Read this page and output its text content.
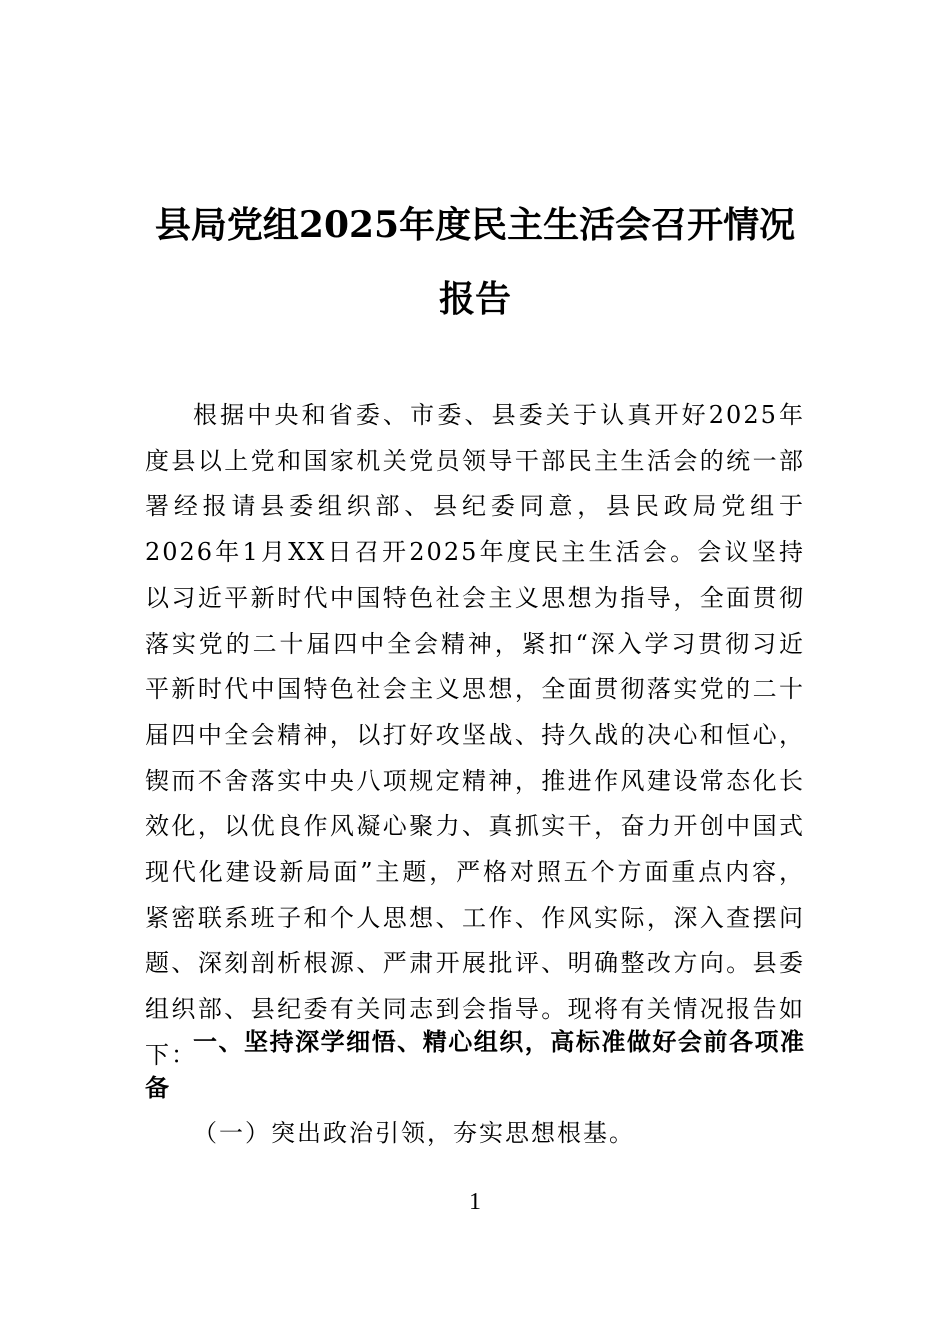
县局党组2025年度民主生活会召开情况报告

根据中央和省委、市委、县委关于认真开好2025年度县以上党和国家机关党员领导干部民主生活会的统一部署经报请县委组织部、县纪委同意，县民政局党组于2026年1月XX日召开2025年度民主生活会。会议坚持以习近平新时代中国特色社会主义思想为指导，全面贯彻落实党的二十届四中全会精神，紧扣“深入学习贯彻习近平新时代中国特色社会主义思想，全面贯彻落实党的二十届四中全会精神，以打好攻坚战、持久战的决心和恒心，锲而不舍落实中央八项规定精神，推进作风建设常态化长效化，以优良作风凝心聚力、真抓实干，奋力开创中国式现代化建设新局面”主题，严格对照五个方面重点内容，紧密联系班子和个人思想、工作、作风实际，深入查摆问题、深刻剖析根源、严肃开展批评、明确整改方向。县委组织部、县纪委有关同志到会指导。现将有关情况报告如下：

一、坚持深学细悟、精心组织，高标准做好会前各项准备

（一）突出政治引领，夯实思想根基。

1
